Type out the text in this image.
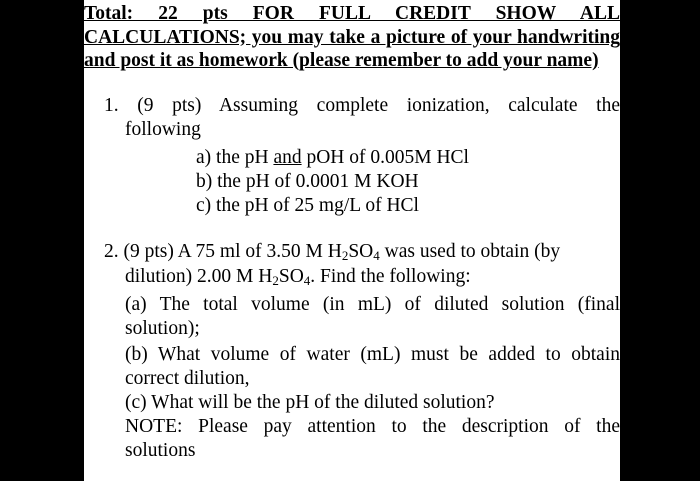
Total: 22 pts FOR FULL CREDIT SHOW ALL CALCULATIONS; you may take a picture of your handwriting and post it as homework (please remember to add your name)
1. (9 pts) Assuming complete ionization, calculate the
following
a) the pH and pOH of 0.005M HCl
b) the pH of 0.0001 M KOH
c) the pH of 25 mg/L of HCl
2. (9 pts) A 75 ml of 3.50 M $H_2SO_4$ was used to obtain (by
dilution) 2.00 M $H_2SO_4$. Find the following:
(a) The total volume (in mL) of diluted solution (final
solution);
(b) What volume of water (mL) must be added to obtain
correct dilution,
(c) What will be the pH of the diluted solution?
NOTE: Please pay attention to the description of the
solutions
